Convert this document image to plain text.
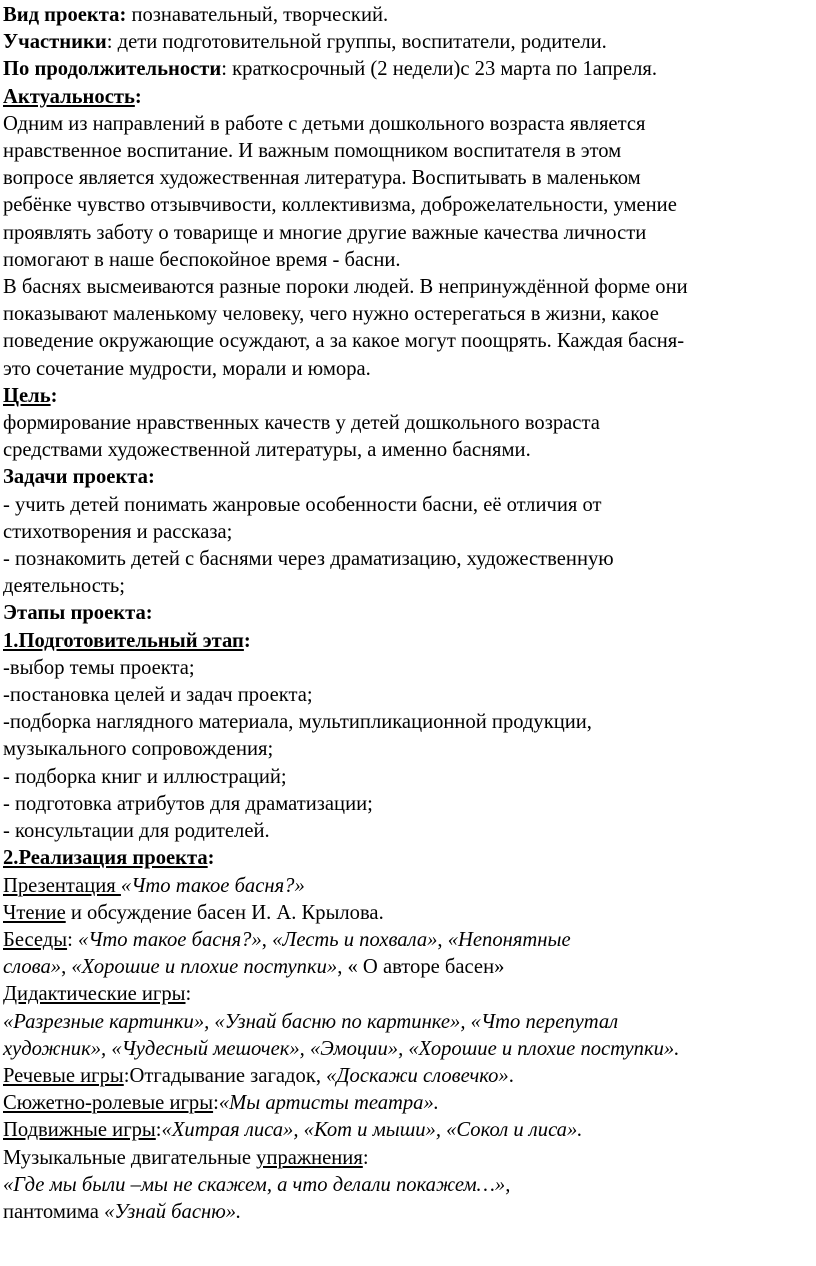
Вид проекта: познавательный, творческий.
Участники: дети подготовительной группы, воспитатели, родители.
По продолжительности: краткосрочный (2 недели)с 23 марта по 1апреля.
Актуальность:
Одним из направлений в работе с детьми дошкольного возраста является
нравственное воспитание. И важным помощником воспитателя в этом
вопросе является художественная литература. Воспитывать в маленьком
ребёнке чувство отзывчивости, коллективизма, доброжелательности, умение
проявлять заботу о товарище и многие другие важные качества личности
помогают в наше беспокойное время - басни.
В баснях высмеиваются разные пороки людей. В непринуждённой форме они
показывают маленькому человеку, чего нужно остерегаться в жизни, какое
поведение окружающие осуждают, а за какое могут поощрять. Каждая басня-
это сочетание мудрости, морали и юмора.
Цель:
формирование нравственных качеств у детей дошкольного возраста
средствами художественной литературы, а именно баснями.
Задачи проекта:
- учить детей понимать жанровые особенности басни, её отличия от
стихотворения и рассказа;
- познакомить детей с баснями через драматизацию, художественную
деятельность;
Этапы проекта:
1.Подготовительный этап:
-выбор темы проекта;
-постановка целей и задач проекта;
-подборка наглядного материала, мультипликационной продукции,
музыкального сопровождения;
- подборка книг и иллюстраций;
- подготовка атрибутов для драматизации;
- консультации для родителей.
2.Реализация проекта:
Презентация «Что такое басня?»
Чтение и обсуждение басен И. А. Крылова.
Беседы: «Что такое басня?», «Лесть и похвала», «Непонятные
слова», «Хорошие и плохие поступки», « О авторе басен»
Дидактические игры:
«Разрезные картинки», «Узнай басню по картинке», «Что перепутал
художник», «Чудесный мешочек», «Эмоции», «Хорошие и плохие поступки».
Речевые игры:Отгадывание загадок, «Доскажи словечко».
Сюжетно-ролевые игры:«Мы артисты театра».
Подвижные игры:«Хитрая лиса», «Кот и мыши», «Сокол и лиса».
Музыкальные двигательные упражнения:
«Где мы были –мы не скажем, а что делали покажем…»,
пантомима «Узнай басню».
